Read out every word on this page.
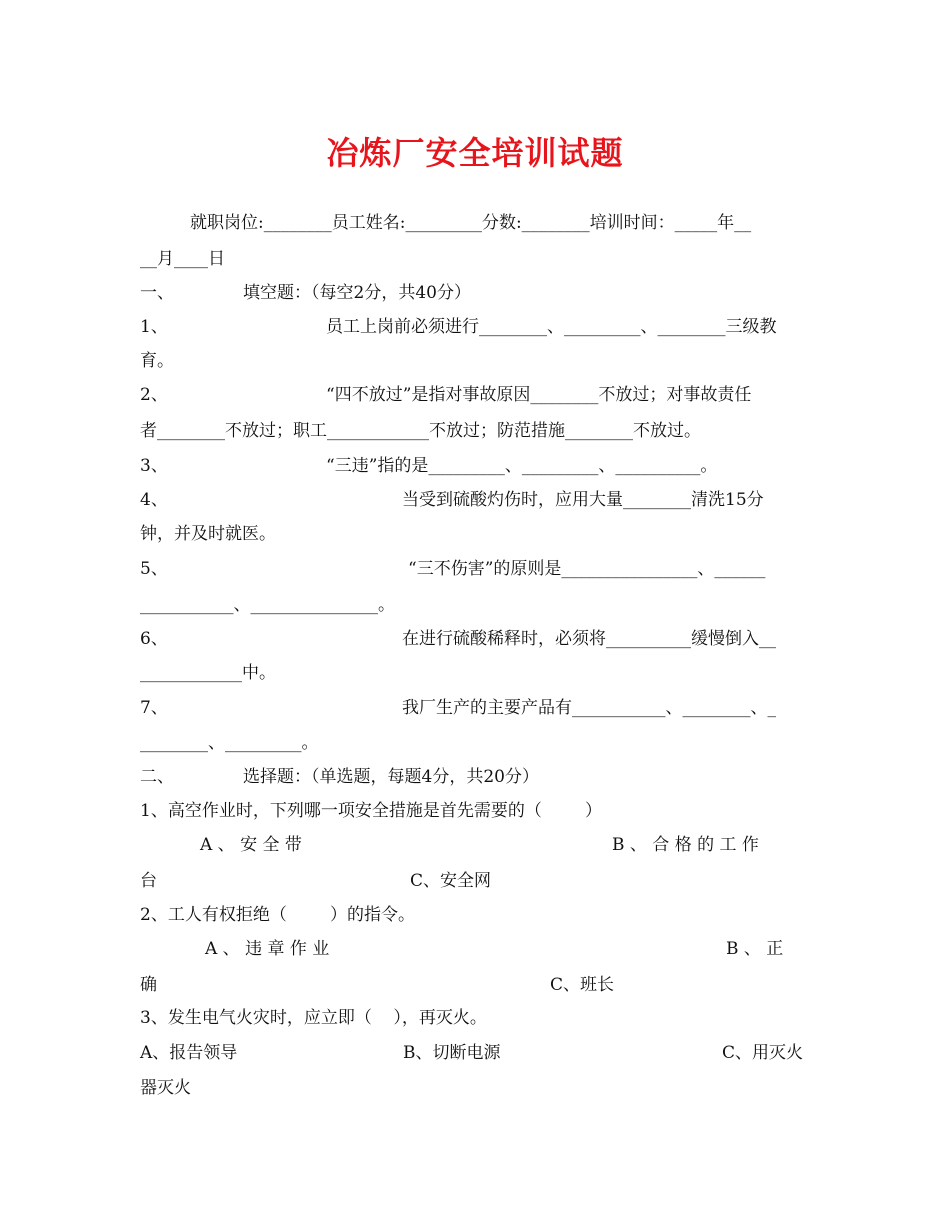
冶炼厂安全培训试题
就职岗位:________员工姓名:_________分数:________培训时间：_____年__
__月____日
一、	填空题：（每空2分，共40分）
1、	员工上岗前必须进行________、_________、________三级教
育。
2、	“四不放过”是指对事故原因________不放过；对事故责任
者________不放过；职工____________不放过；防范措施________不放过。
3、	“三违”指的是_________、_________、__________。
4、	当受到硫酸灼伤时，应用大量________清洗15分
钟，并及时就医。
5、	“三不伤害”的原则是________________、______
___________、_______________。
6、	在进行硫酸稀释时，必须将__________缓慢倒入__
____________中。
7、	我厂生产的主要产品有___________、________、_
________、_________。
二、	选择题：（单选题，每题4分，共20分）
1、高空作业时，下列哪一项安全措施是首先需要的（        ）
A 、 安 全 带	B 、 合 格 的 工 作
台	C、安全网
2、工人有权拒绝（        ）的指令。
A 、 违 章 作 业	B 、 正
确	C、班长
3、发生电气火灾时，应立即（    ），再灭火。
A、报告领导	B、切断电源	C、用灭火
器灭火
